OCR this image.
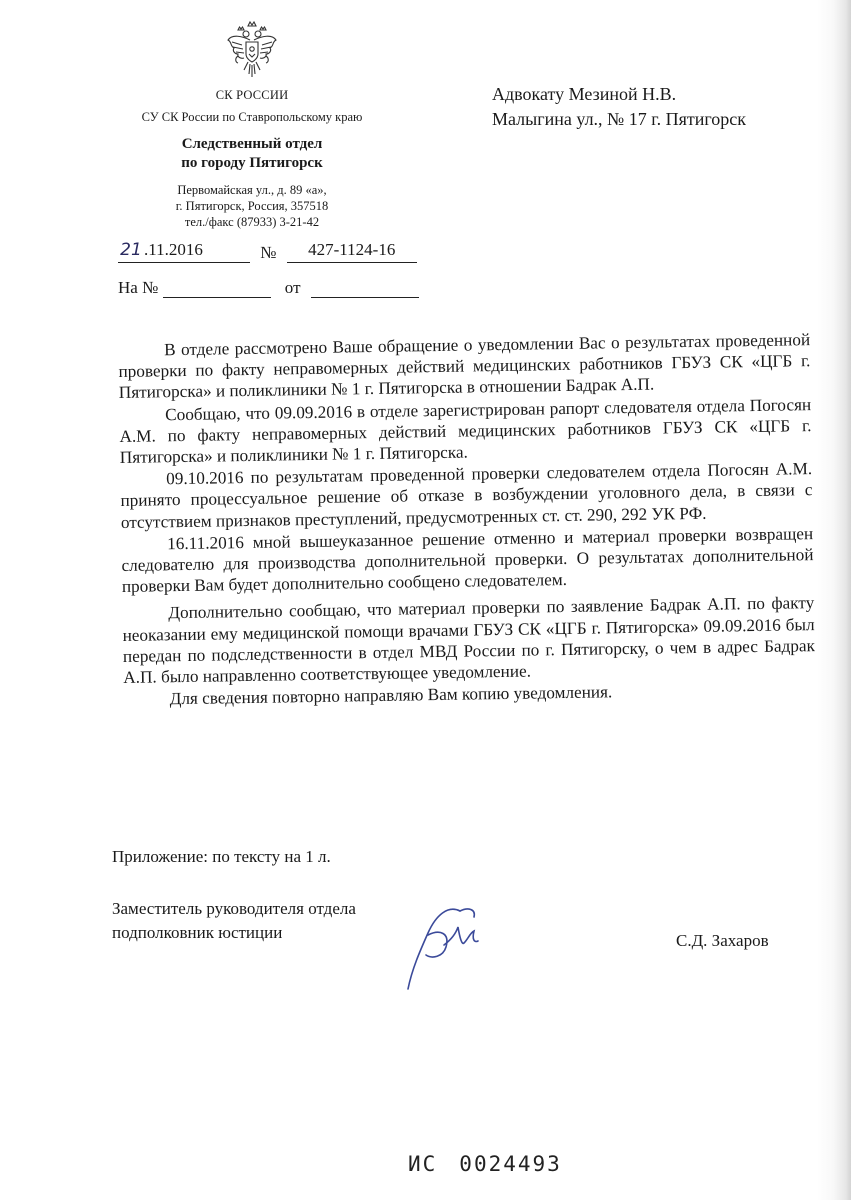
СК РОССИИ
СУ СК России по Ставропольскому краю
Следственный отдел
по городу Пятигорск
Первомайская ул., д. 89 «а»,
г. Пятигорск, Россия, 357518
тел./факс (87933) 3-21-42
Адвокату Мезиной Н.В.
Малыгина ул., № 17 г. Пятигорск
21 .11.2016	№ 427-1124-16
На №	от

В отделе рассмотрено Ваше обращение о уведомлении Вас о результатах проведенной проверки по факту неправомерных действий медицинских работников ГБУЗ СК «ЦГБ г. Пятигорска» и поликлиники № 1 г. Пятигорска в отношении Бадрак А.П.

Сообщаю, что 09.09.2016 в отделе зарегистрирован рапорт следователя отдела Погосян А.М. по факту неправомерных действий медицинских работников ГБУЗ СК «ЦГБ г. Пятигорска» и поликлиники № 1 г. Пятигорска.

09.10.2016 по результатам проведенной проверки следователем отдела Погосян А.М. принято процессуальное решение об отказе в возбуждении уголовного дела, в связи с отсутствием признаков преступлений, предусмотренных ст. ст. 290, 292 УК РФ.

16.11.2016 мной вышеуказанное решение отменно и материал проверки возвращен следователю для производства дополнительной проверки. О результатах дополнительной проверки Вам будет дополнительно сообщено следователем.

Дополнительно сообщаю, что материал проверки по заявление Бадрак А.П. по факту неоказании ему медицинской помощи врачами ГБУЗ СК «ЦГБ г. Пятигорска» 09.09.2016 был передан по подследственности в отдел МВД России по г. Пятигорску, о чем в адрес Бадрак А.П. было направленно соответствующее уведомление.

Для сведения повторно направляю Вам копию уведомления.

Приложение: по тексту на 1 л.
Заместитель руководителя отдела
подполковник юстиции	С.Д. Захаров
ИС 0024493
